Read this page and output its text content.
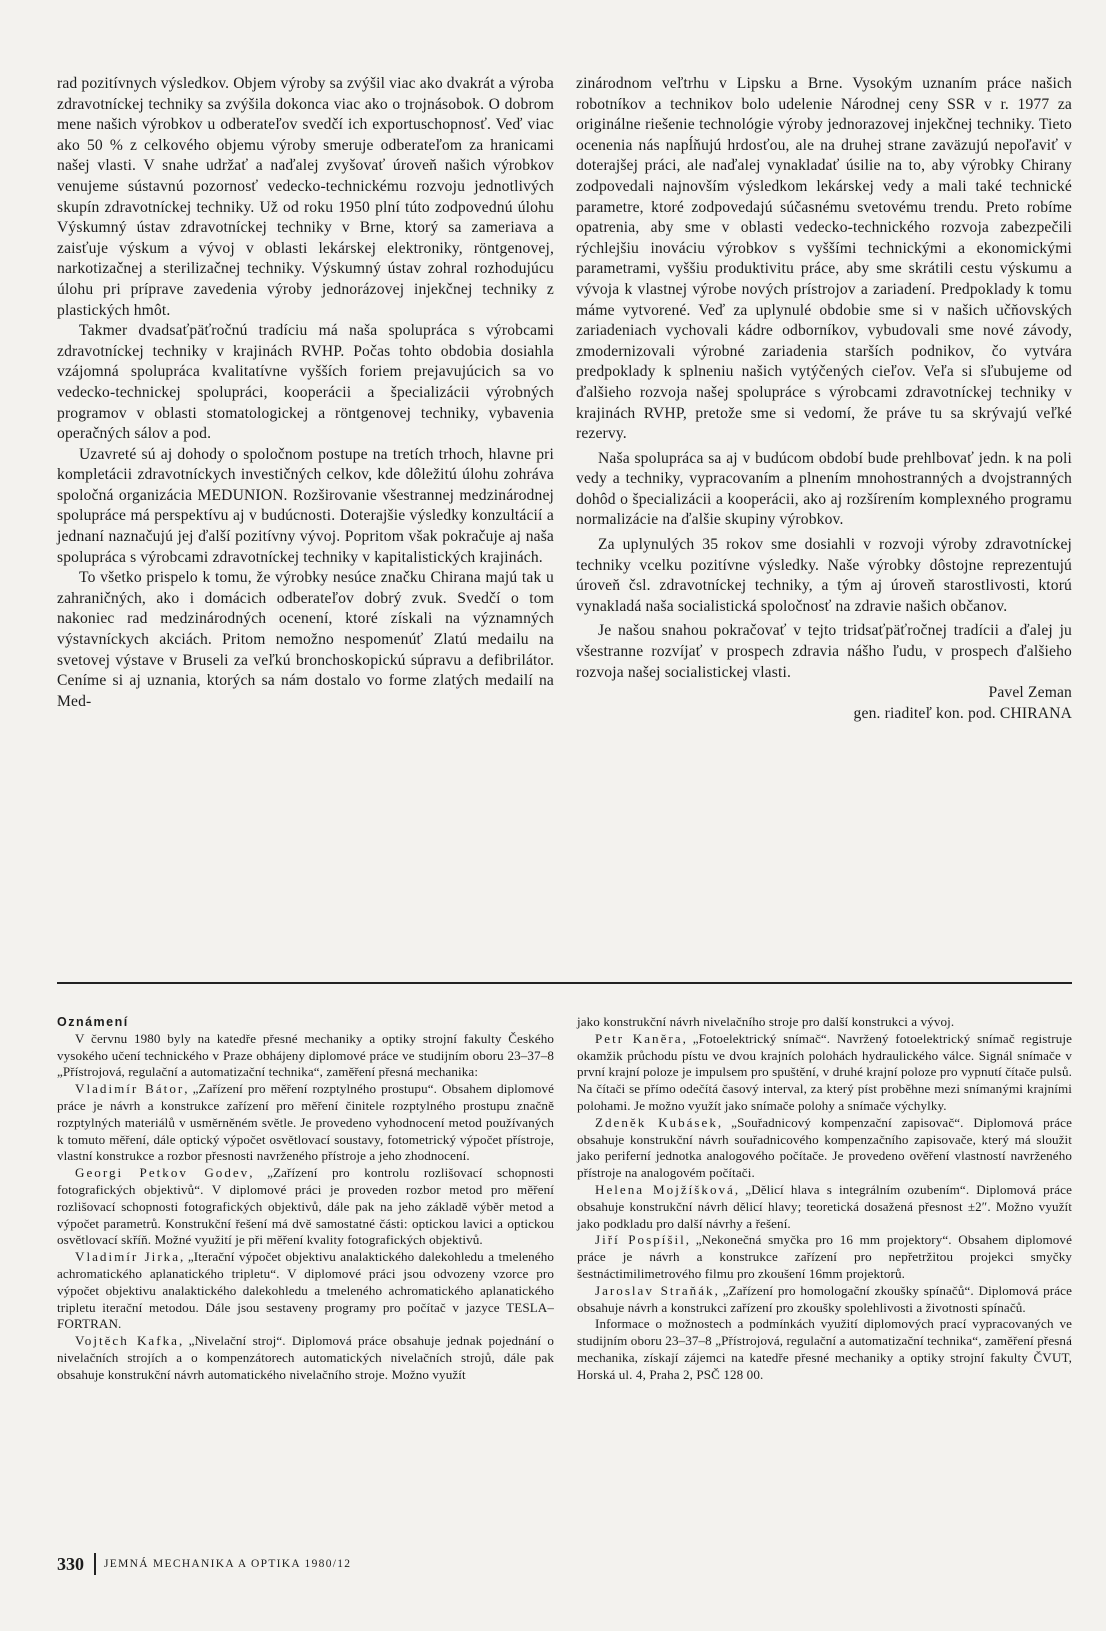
rad pozitívnych výsledkov. Objem výroby sa zvýšil viac ako dvakrát a výroba zdravotníckej techniky sa zvýšila dokonca viac ako o trojnásobok. O dobrom mene našich výrobkov u odberateľov svedčí ich exportuschopnosť. Veď viac ako 50 % z celkového objemu výroby smeruje odberateľom za hranicami našej vlasti. V snahe udržať a naďalej zvyšovať úroveň našich výrobkov venujeme sústavnú pozornosť vedecko-technickému rozvoju jednotlivých skupín zdravotníckej techniky. Už od roku 1950 plní túto zodpovednú úlohu Výskumný ústav zdravotníckej techniky v Brne, ktorý sa zameriava a zaisťuje výskum a vývoj v oblasti lekárskej elektroniky, röntgenovej, narkotizačnej a sterilizačnej techniky. Výskumný ústav zohral rozhodujúcu úlohu pri príprave zavedenia výroby jednorázovej injekčnej techniky z plastických hmôt.

Takmer dvadsaťpäťročnú tradíciu má naša spolupráca s výrobcami zdravotníckej techniky v krajinách RVHP. Počas tohto obdobia dosiahla vzájomná spolupráca kvalitatívne vyšších foriem prejavujúcich sa vo vedecko-technickej spolupráci, kooperácii a špecializácii výrobných programov v oblasti stomatologickej a röntgenovej techniky, vybavenia operačných sálov a pod.

Uzavreté sú aj dohody o spoločnom postupe na tretích trhoch, hlavne pri kompletácii zdravotníckych investičných celkov, kde dôležitú úlohu zohráva spoločná organizácia MEDUNION. Rozširovanie všestrannej medzinárodnej spolupráce má perspektívu aj v budúcnosti. Doterajšie výsledky konzultácií a jednaní naznačujú jej ďalší pozitívny vývoj. Popritom však pokračuje aj naša spolupráca s výrobcami zdravotníckej techniky v kapitalistických krajinách.

To všetko prispelo k tomu, že výrobky nesúce značku Chirana majú tak u zahraničných, ako i domácich odberateľov dobrý zvuk. Svedčí o tom nakoniec rad medzinárodných ocenení, ktoré získali na významných výstavníckych akciách. Pritom nemožno nespomenúť Zlatú medailu na svetovej výstave v Bruseli za veľkú bronchoskopickú súpravu a defibrilátor. Ceníme si aj uznania, ktorých sa nám dostalo vo forme zlatých medailí na Med-

zinárodnom veľtrhu v Lipsku a Brne. Vysokým uznaním práce našich robotníkov a technikov bolo udelenie Národnej ceny SSR v r. 1977 za originálne riešenie technológie výroby jednorazovej injekčnej techniky. Tieto ocenenia nás napĺňujú hrdosťou, ale na druhej strane zaväzujú nepoľaviť v doterajšej práci, ale naďalej vynakladať úsilie na to, aby výrobky Chirany zodpovedali najnovším výsledkom lekárskej vedy a mali také technické parametre, ktoré zodpovedajú súčasnému svetovému trendu. Preto robíme opatrenia, aby sme v oblasti vedecko-technického rozvoja zabezpečili rýchlejšiu inováciu výrobkov s vyššími technickými a ekonomickými parametrami, vyššiu produktivitu práce, aby sme skrátili cestu výskumu a vývoja k vlastnej výrobe nových prístrojov a zariadení. Predpoklady k tomu máme vytvorené. Veď za uplynulé obdobie sme si v našich učňovských zariadeniach vychovali kádre odborníkov, vybudovali sme nové závody, zmodernizovali výrobné zariadenia starších podnikov, čo vytvára predpoklady k splneniu našich vytýčených cieľov. Veľa si sľubujeme od ďalšieho rozvoja našej spolupráce s výrobcami zdravotníckej techniky v krajinách RVHP, pretože sme si vedomí, že práve tu sa skrývajú veľké rezervy.

Naša spolupráca sa aj v budúcom období bude prehlbovať jedn. k na poli vedy a techniky, vypracovaním a plnením mnohostranných a dvojstranných dohôd o špecializácii a kooperácii, ako aj rozšírením komplexného programu normalizácie na ďalšie skupiny výrobkov.

Za uplynulých 35 rokov sme dosiahli v rozvoji výroby zdravotníckej techniky vcelku pozitívne výsledky. Naše výrobky dôstojne reprezentujú úroveň čsl. zdravotníckej techniky, a tým aj úroveň starostlivosti, ktorú vynakladá naša socialistická spoločnosť na zdravie našich občanov.

Je našou snahou pokračovať v tejto tridsaťpäťročnej tradícii a ďalej ju všestranne rozvíjať v prospech zdravia nášho ľudu, v prospech ďalšieho rozvoja našej socialistickej vlasti.

Pavel Zeman

gen. riaditeľ kon. pod. CHIRANA

Oznámení

V červnu 1980 byly na katedře přesné mechaniky a optiky strojní fakulty Českého vysokého učení technického v Praze obhájeny diplomové práce ve studijním oboru 23–37–8 „Přístrojová, regulační a automatizační technika“, zaměření přesná mechanika:

Vladimír Bátor, „Zařízení pro měření rozptylného prostupu“. Obsahem diplomové práce je návrh a konstrukce zařízení pro měření činitele rozptylného prostupu značně rozptylných materiálů v usměrněném světle. Je provedeno vyhodnocení metod používaných k tomuto měření, dále optický výpočet osvětlovací soustavy, fotometrický výpočet přístroje, vlastní konstrukce a rozbor přesnosti navrženého přístroje a jeho zhodnocení.

Georgi Petkov Godev, „Zařízení pro kontrolu rozlišovací schopnosti fotografických objektivů“. V diplomové práci je proveden rozbor metod pro měření rozlišovací schopnosti fotografických objektivů, dále pak na jeho základě výběr metod a výpočet parametrů. Konstrukční řešení má dvě samostatné části: optickou lavici a optickou osvětlovací skříň. Možné využití je při měření kvality fotografických objektivů.

Vladimír Jirka, „Iterační výpočet objektivu analaktického dalekohledu a tmeleného achromatického aplanatického tripletu“. V diplomové práci jsou odvozeny vzorce pro výpočet objektivu analaktického dalekohledu a tmeleného achromatického aplanatického tripletu iterační metodou. Dále jsou sestaveny programy pro počítač v jazyce TESLA–FORTRAN.

Vojtěch Kafka, „Nivelační stroj“. Diplomová práce obsahuje jednak pojednání o nivelačních strojích a o kompenzátorech automatických nivelačních strojů, dále pak obsahuje konstrukční návrh automatického nivelačního stroje. Možno využít

jako konstrukční návrh nivelačního stroje pro další konstrukci a vývoj.

Petr Kaněra, „Fotoelektrický snímač“. Navržený fotoelektrický snímač registruje okamžik průchodu pístu ve dvou krajních polohách hydraulického válce. Signál snímače v první krajní poloze je impulsem pro spuštění, v druhé krajní poloze pro vypnutí čítače pulsů. Na čítači se přímo odečítá časový interval, za který píst proběhne mezi snímanými krajními polohami. Je možno využít jako snímače polohy a snímače výchylky.

Zdeněk Kubásek, „Souřadnicový kompenzační zapisovač“. Diplomová práce obsahuje konstrukční návrh souřadnicového kompenzačního zapisovače, který má sloužit jako periferní jednotka analogového počítače. Je provedeno ověření vlastností navrženého přístroje na analogovém počítači.

Helena Mojžíšková, „Dělicí hlava s integrálním ozubením“. Diplomová práce obsahuje konstrukční návrh dělicí hlavy; teoretická dosažená přesnost ±2″. Možno využít jako podkladu pro další návrhy a řešení.

Jiří Pospíšil, „Nekonečná smyčka pro 16 mm projektory“. Obsahem diplomové práce je návrh a konstrukce zařízení pro nepřetržitou projekci smyčky šestnáctimilimetrového filmu pro zkoušení 16mm projektorů.

Jaroslav Straňák, „Zařízení pro homologační zkoušky spínačů“. Diplomová práce obsahuje návrh a konstrukci zařízení pro zkoušky spolehlivosti a životnosti spínačů.

Informace o možnostech a podmínkách využití diplomových prací vypracovaných ve studijním oboru 23–37–8 „Přístrojová, regulační a automatizační technika“, zaměření přesná mechanika, získají zájemci na katedře přesné mechaniky a optiky strojní fakulty ČVUT, Horská ul. 4, Praha 2, PSČ 128 00.

330	JEMNÁ MECHANIKA A OPTIKA 1980/12
